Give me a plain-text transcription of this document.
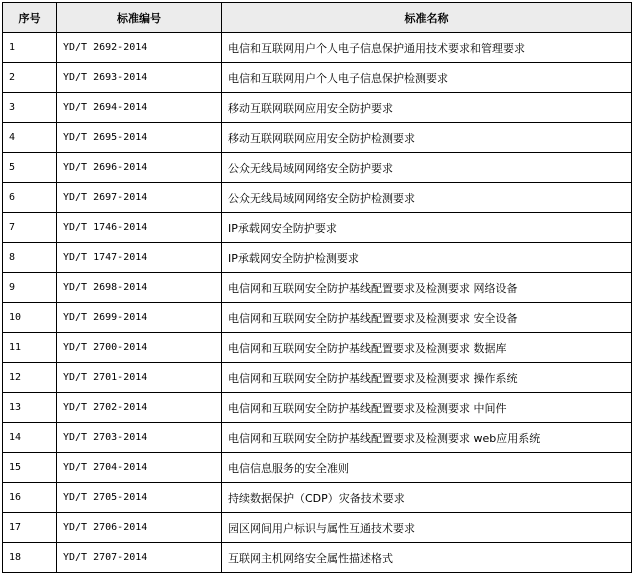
序号	标准编号	标准名称
1	YD/T 2692-2014	电信和互联网用户个人电子信息保护通用技术要求和管理要求
2	YD/T 2693-2014	电信和互联网用户个人电子信息保护检测要求
3	YD/T 2694-2014	移动互联网联网应用安全防护要求
4	YD/T 2695-2014	移动互联网联网应用安全防护检测要求
5	YD/T 2696-2014	公众无线局域网网络安全防护要求
6	YD/T 2697-2014	公众无线局域网网络安全防护检测要求
7	YD/T 1746-2014	IP承载网安全防护要求
8	YD/T 1747-2014	IP承载网安全防护检测要求
9	YD/T 2698-2014	电信网和互联网安全防护基线配置要求及检测要求 网络设备
10	YD/T 2699-2014	电信网和互联网安全防护基线配置要求及检测要求 安全设备
11	YD/T 2700-2014	电信网和互联网安全防护基线配置要求及检测要求 数据库
12	YD/T 2701-2014	电信网和互联网安全防护基线配置要求及检测要求 操作系统
13	YD/T 2702-2014	电信网和互联网安全防护基线配置要求及检测要求 中间件
14	YD/T 2703-2014	电信网和互联网安全防护基线配置要求及检测要求 web应用系统
15	YD/T 2704-2014	电信信息服务的安全准则
16	YD/T 2705-2014	持续数据保护（CDP）灾备技术要求
17	YD/T 2706-2014	园区网间用户标识与属性互通技术要求
18	YD/T 2707-2014	互联网主机网络安全属性描述格式
